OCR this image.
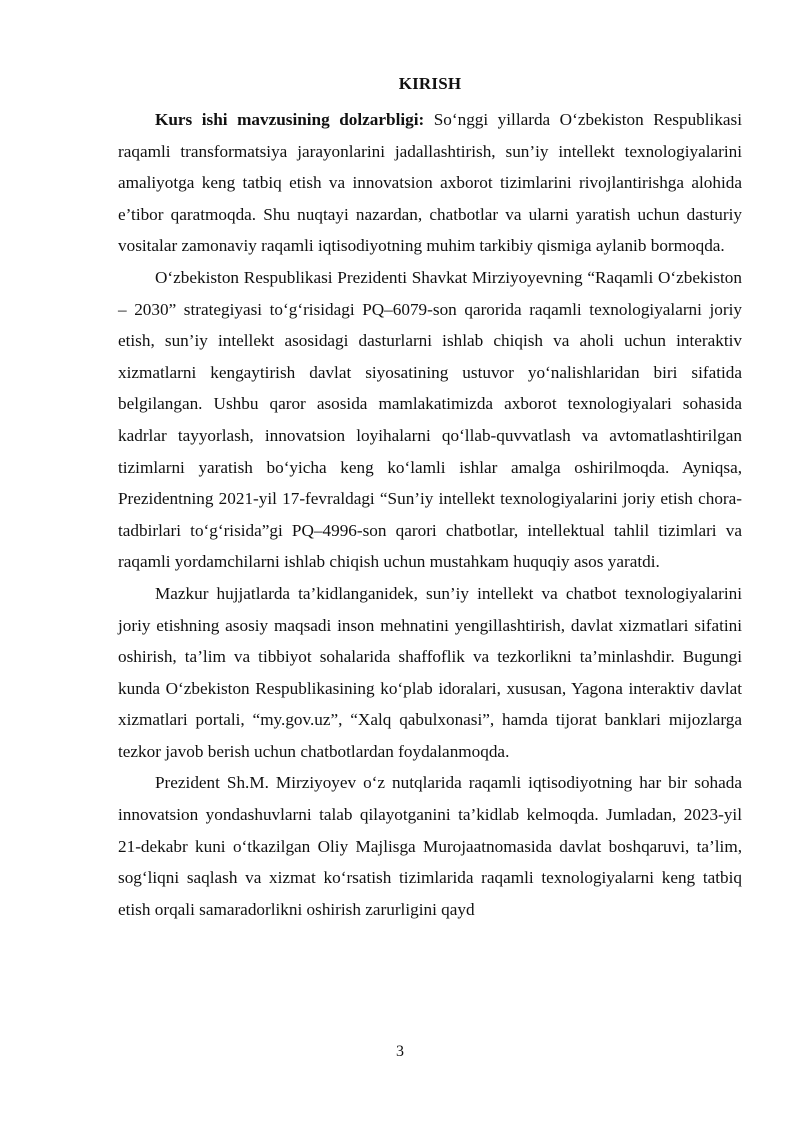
KIRISH

Kurs ishi mavzusining dolzarbligi: So‘nggi yillarda O‘zbekiston Respublikasi raqamli transformatsiya jarayonlarini jadallashtirish, sun’iy intellekt texnologiyalarini amaliyotga keng tatbiq etish va innovatsion axborot tizimlarini rivojlantirishga alohida e’tibor qaratmoqda. Shu nuqtayi nazardan, chatbotlar va ularni yaratish uchun dasturiy vositalar zamonaviy raqamli iqtisodiyotning muhim tarkibiy qismiga aylanib bormoqda.

O‘zbekiston Respublikasi Prezidenti Shavkat Mirziyoyevning “Raqamli O‘zbekiston – 2030” strategiyasi to‘g‘risidagi PQ–6079-son qarorida raqamli texnologiyalarni joriy etish, sun’iy intellekt asosidagi dasturlarni ishlab chiqish va aholi uchun interaktiv xizmatlarni kengaytirish davlat siyosatining ustuvor yo‘nalishlaridan biri sifatida belgilangan. Ushbu qaror asosida mamlakatimizda axborot texnologiyalari sohasida kadrlar tayyorlash, innovatsion loyihalarni qo‘llab-quvvatlash va avtomatlashtirilgan tizimlarni yaratish bo‘yicha keng ko‘lamli ishlar amalga oshirilmoqda. Ayniqsa, Prezidentning 2021-yil 17-fevraldagi “Sun’iy intellekt texnologiyalarini joriy etish chora-tadbirlari to‘g‘risida”gi PQ–4996-son qarori chatbotlar, intellektual tahlil tizimlari va raqamli yordamchilarni ishlab chiqish uchun mustahkam huquqiy asos yaratdi.

Mazkur hujjatlarda ta’kidlanganidek, sun’iy intellekt va chatbot texnologiyalarini joriy etishning asosiy maqsadi inson mehnatini yengillashtirish, davlat xizmatlari sifatini oshirish, ta’lim va tibbiyot sohalarida shaffoflik va tezkorlikni ta’minlashdir. Bugungi kunda O‘zbekiston Respublikasining ko‘plab idoralari, xususan, Yagona interaktiv davlat xizmatlari portali, “my.gov.uz”, “Xalq qabulxonasi”, hamda tijorat banklari mijozlarga tezkor javob berish uchun chatbotlardan foydalanmoqda.

Prezident Sh.M. Mirziyoyev o‘z nutqlarida raqamli iqtisodiyotning har bir sohada innovatsion yondashuvlarni talab qilayotganini ta’kidlab kelmoqda. Jumladan, 2023-yil 21-dekabr kuni o‘tkazilgan Oliy Majlisga Murojaatnomasida davlat boshqaruvi, ta’lim, sog‘liqni saqlash va xizmat ko‘rsatish tizimlarida raqamli texnologiyalarni keng tatbiq etish orqali samaradorlikni oshirish zarurligini qayd

3
